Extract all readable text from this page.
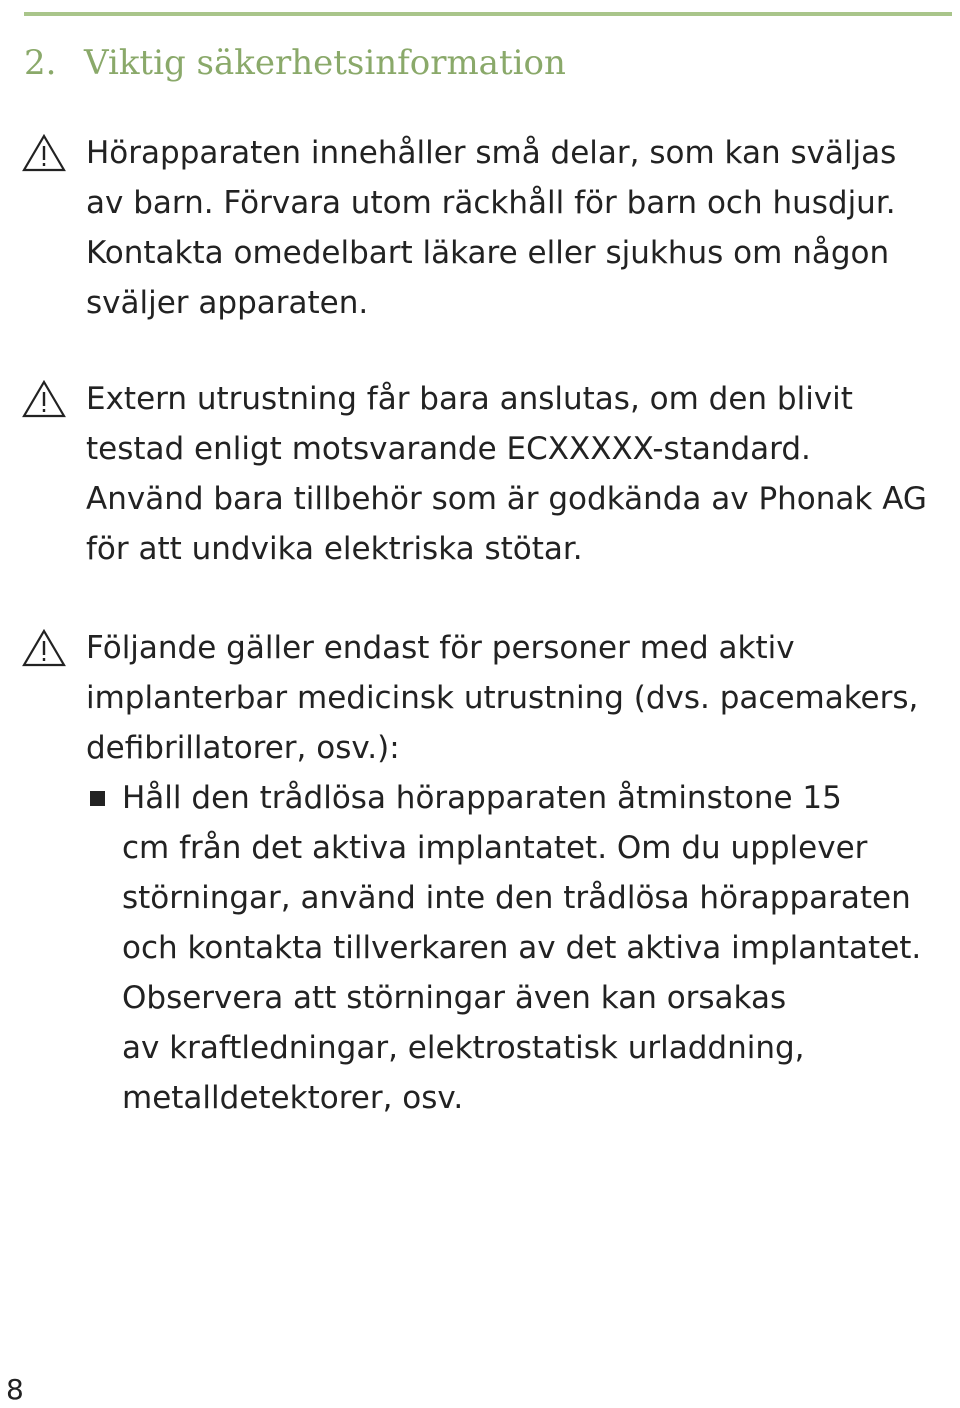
2. Viktig säkerhetsinformation

Hörapparaten innehåller små delar, som kan sväljas
av barn. Förvara utom räckhåll för barn och husdjur.
Kontakta omedelbart läkare eller sjukhus om någon
sväljer apparaten.

Extern utrustning får bara anslutas, om den blivit
testad enligt motsvarande ECXXXXX-standard.
Använd bara tillbehör som är godkända av Phonak AG
för att undvika elektriska stötar.

Följande gäller endast för personer med aktiv
implanterbar medicinsk utrustning (dvs. pacemakers,
defibrillatorer, osv.):

Håll den trådlösa hörapparaten åtminstone 15
cm från det aktiva implantatet. Om du upplever
störningar, använd inte den trådlösa hörapparaten
och kontakta tillverkaren av det aktiva implantatet.
Observera att störningar även kan orsakas
av kraftledningar, elektrostatisk urladdning,
metalldetektorer, osv.

8
